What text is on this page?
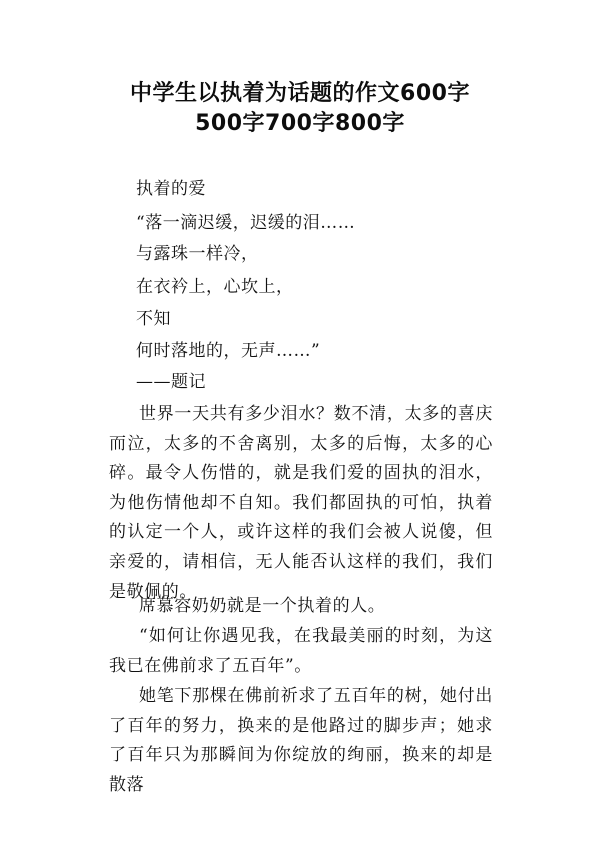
中学生以执着为话题的作文600字
500字700字800字
执着的爱
“落一滴迟缓，迟缓的泪……
与露珠一样冷，
在衣衿上，心坎上，
不知
何时落地的，无声……”
——题记

世界一天共有多少泪水？数不清，太多的喜庆而泣，太多的不舍离别，太多的后悔，太多的心碎。最令人伤惜的，就是我们爱的固执的泪水，为他伤情他却不自知。我们都固执的可怕，执着的认定一个人，或许这样的我们会被人说傻，但亲爱的，请相信，无人能否认这样的我们，我们是敬佩的。

席慕容奶奶就是一个执着的人。

“如何让你遇见我，在我最美丽的时刻，为这我已在佛前求了五百年”。

她笔下那棵在佛前祈求了五百年的树，她付出了百年的努力，换来的是他路过的脚步声；她求了百年只为那瞬间为你绽放的绚丽，换来的却是散落
